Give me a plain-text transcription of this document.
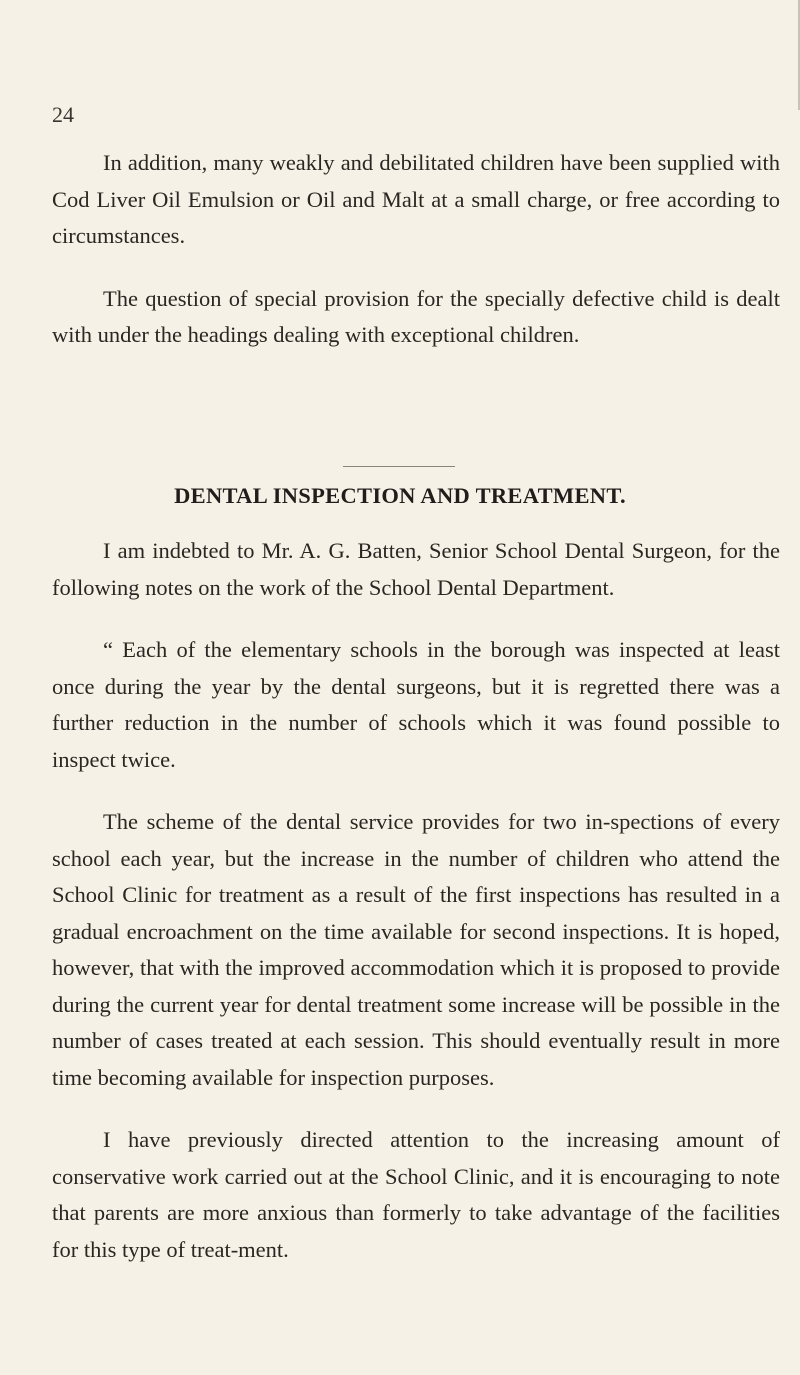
24

In addition, many weakly and debilitated children have been supplied with Cod Liver Oil Emulsion or Oil and Malt at a small charge, or free according to circumstances.

The question of special provision for the specially defective child is dealt with under the headings dealing with exceptional children.

DENTAL INSPECTION AND TREATMENT.

I am indebted to Mr. A. G. Batten, Senior School Dental Surgeon, for the following notes on the work of the School Dental Department.

“ Each of the elementary schools in the borough was inspected at least once during the year by the dental surgeons, but it is regretted there was a further reduction in the number of schools which it was found possible to inspect twice.

The scheme of the dental service provides for two in-spections of every school each year, but the increase in the number of children who attend the School Clinic for treatment as a result of the first inspections has resulted in a gradual encroachment on the time available for second inspections. It is hoped, however, that with the improved accommodation which it is proposed to provide during the current year for dental treatment some increase will be possible in the number of cases treated at each session. This should eventually result in more time becoming available for inspection purposes.

I have previously directed attention to the increasing amount of conservative work carried out at the School Clinic, and it is encouraging to note that parents are more anxious than formerly to take advantage of the facilities for this type of treat-ment.
